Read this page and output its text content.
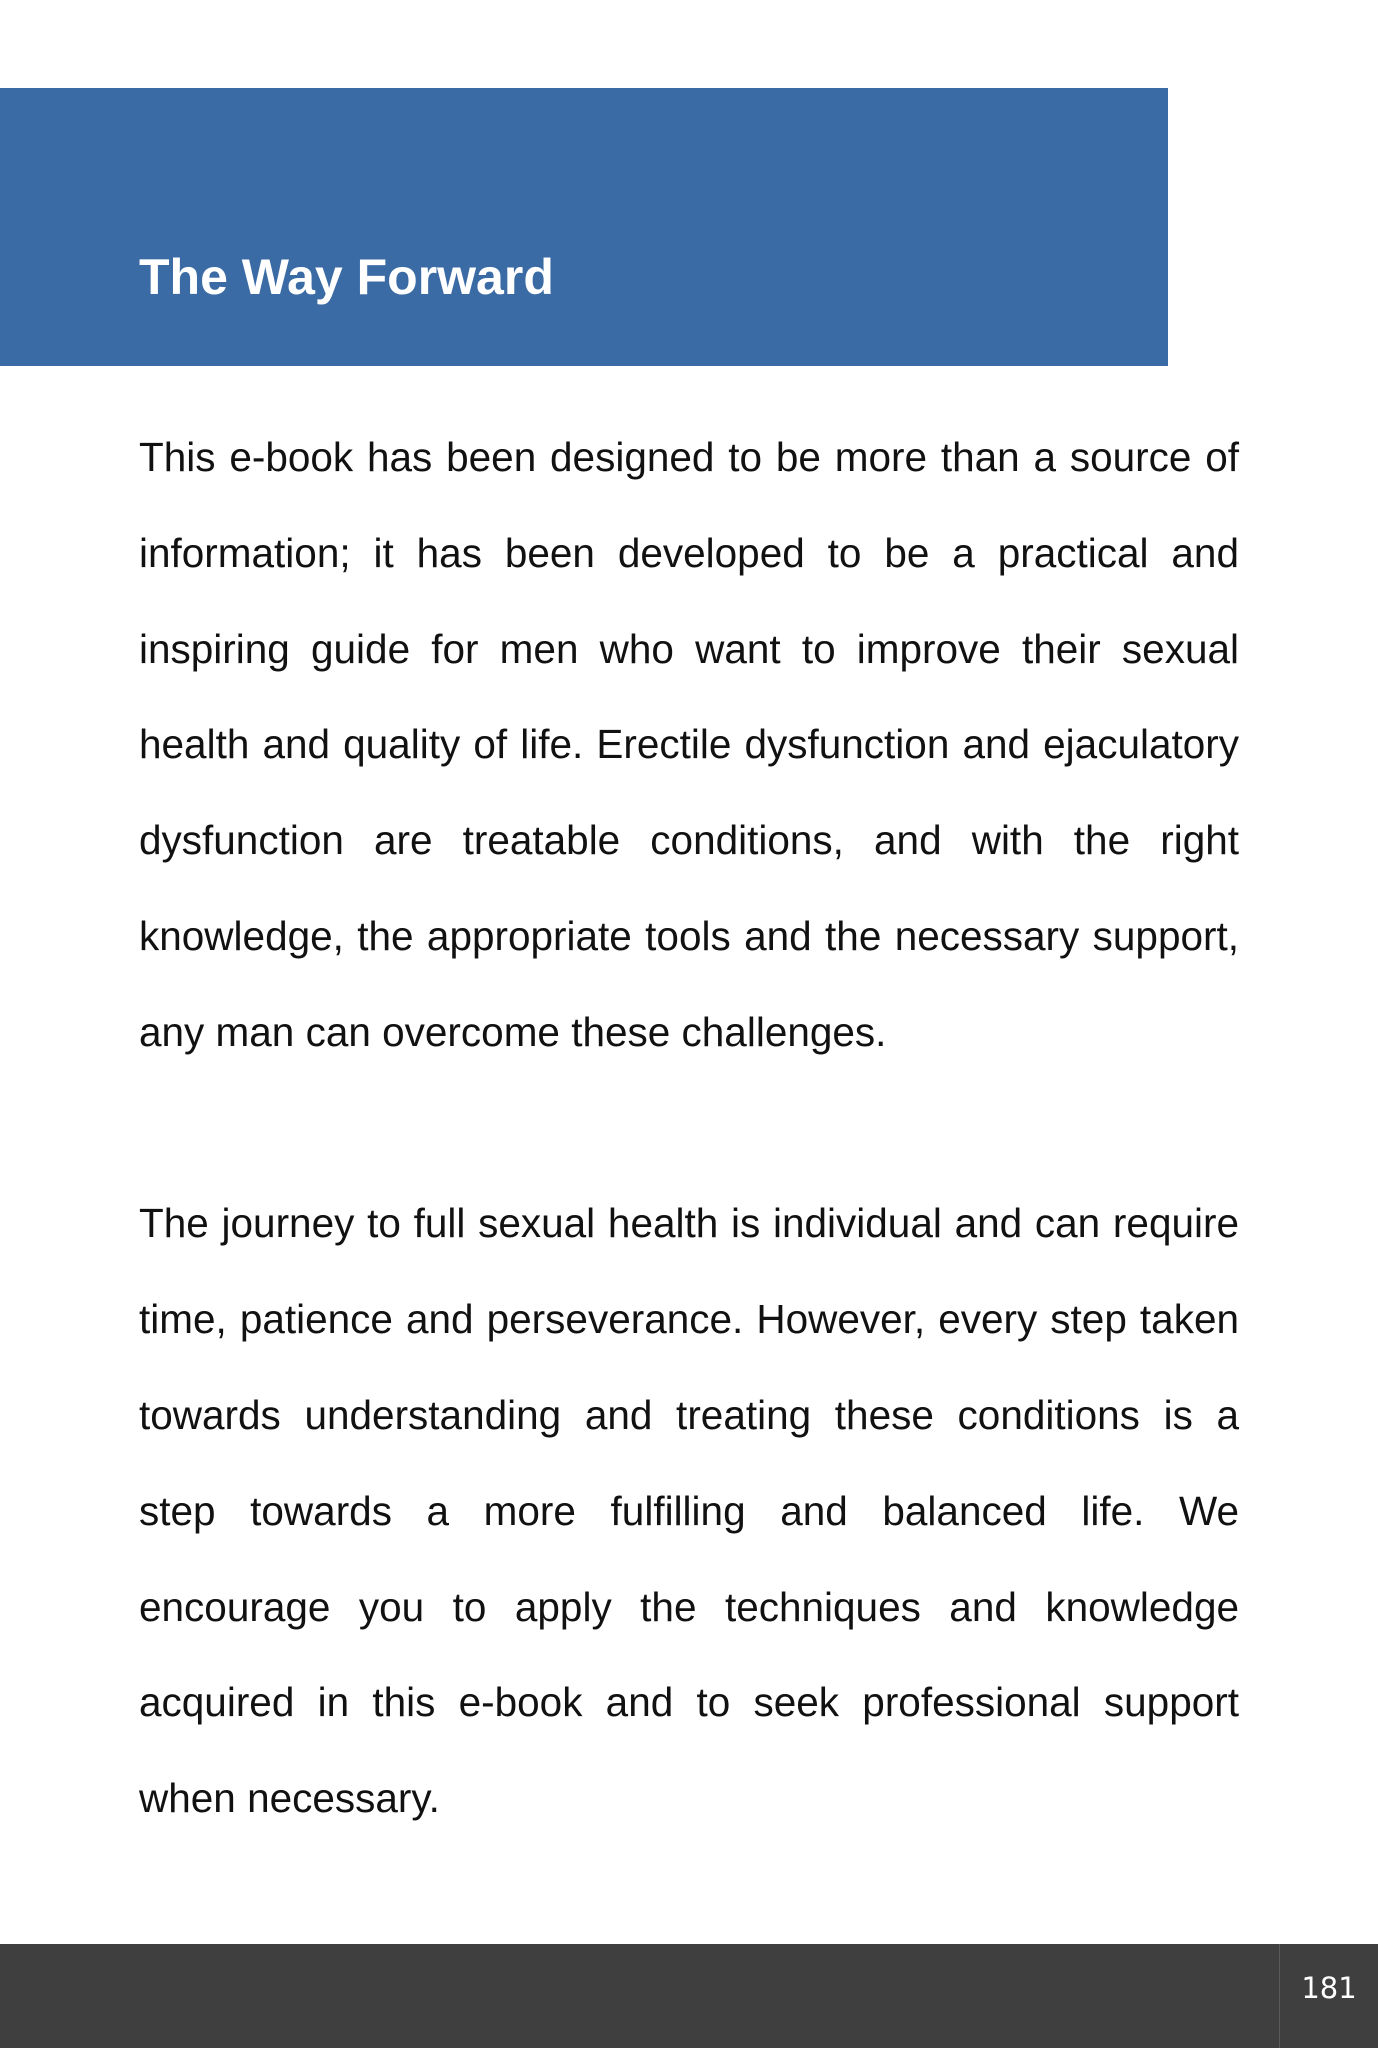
The Way Forward

This e-book has been designed to be more than a source of information; it has been developed to be a practical and inspiring guide for men who want to improve their sexual health and quality of life. Erectile dysfunction and ejaculatory dysfunction are treatable conditions, and with the right knowledge, the appropriate tools and the necessary support, any man can overcome these challenges.

The journey to full sexual health is individual and can require time, patience and perseverance. However, every step taken towards understanding and treating these conditions is a step towards a more fulfilling and balanced life. We encourage you to apply the techniques and knowledge acquired in this e-book and to seek professional support when necessary.

181
